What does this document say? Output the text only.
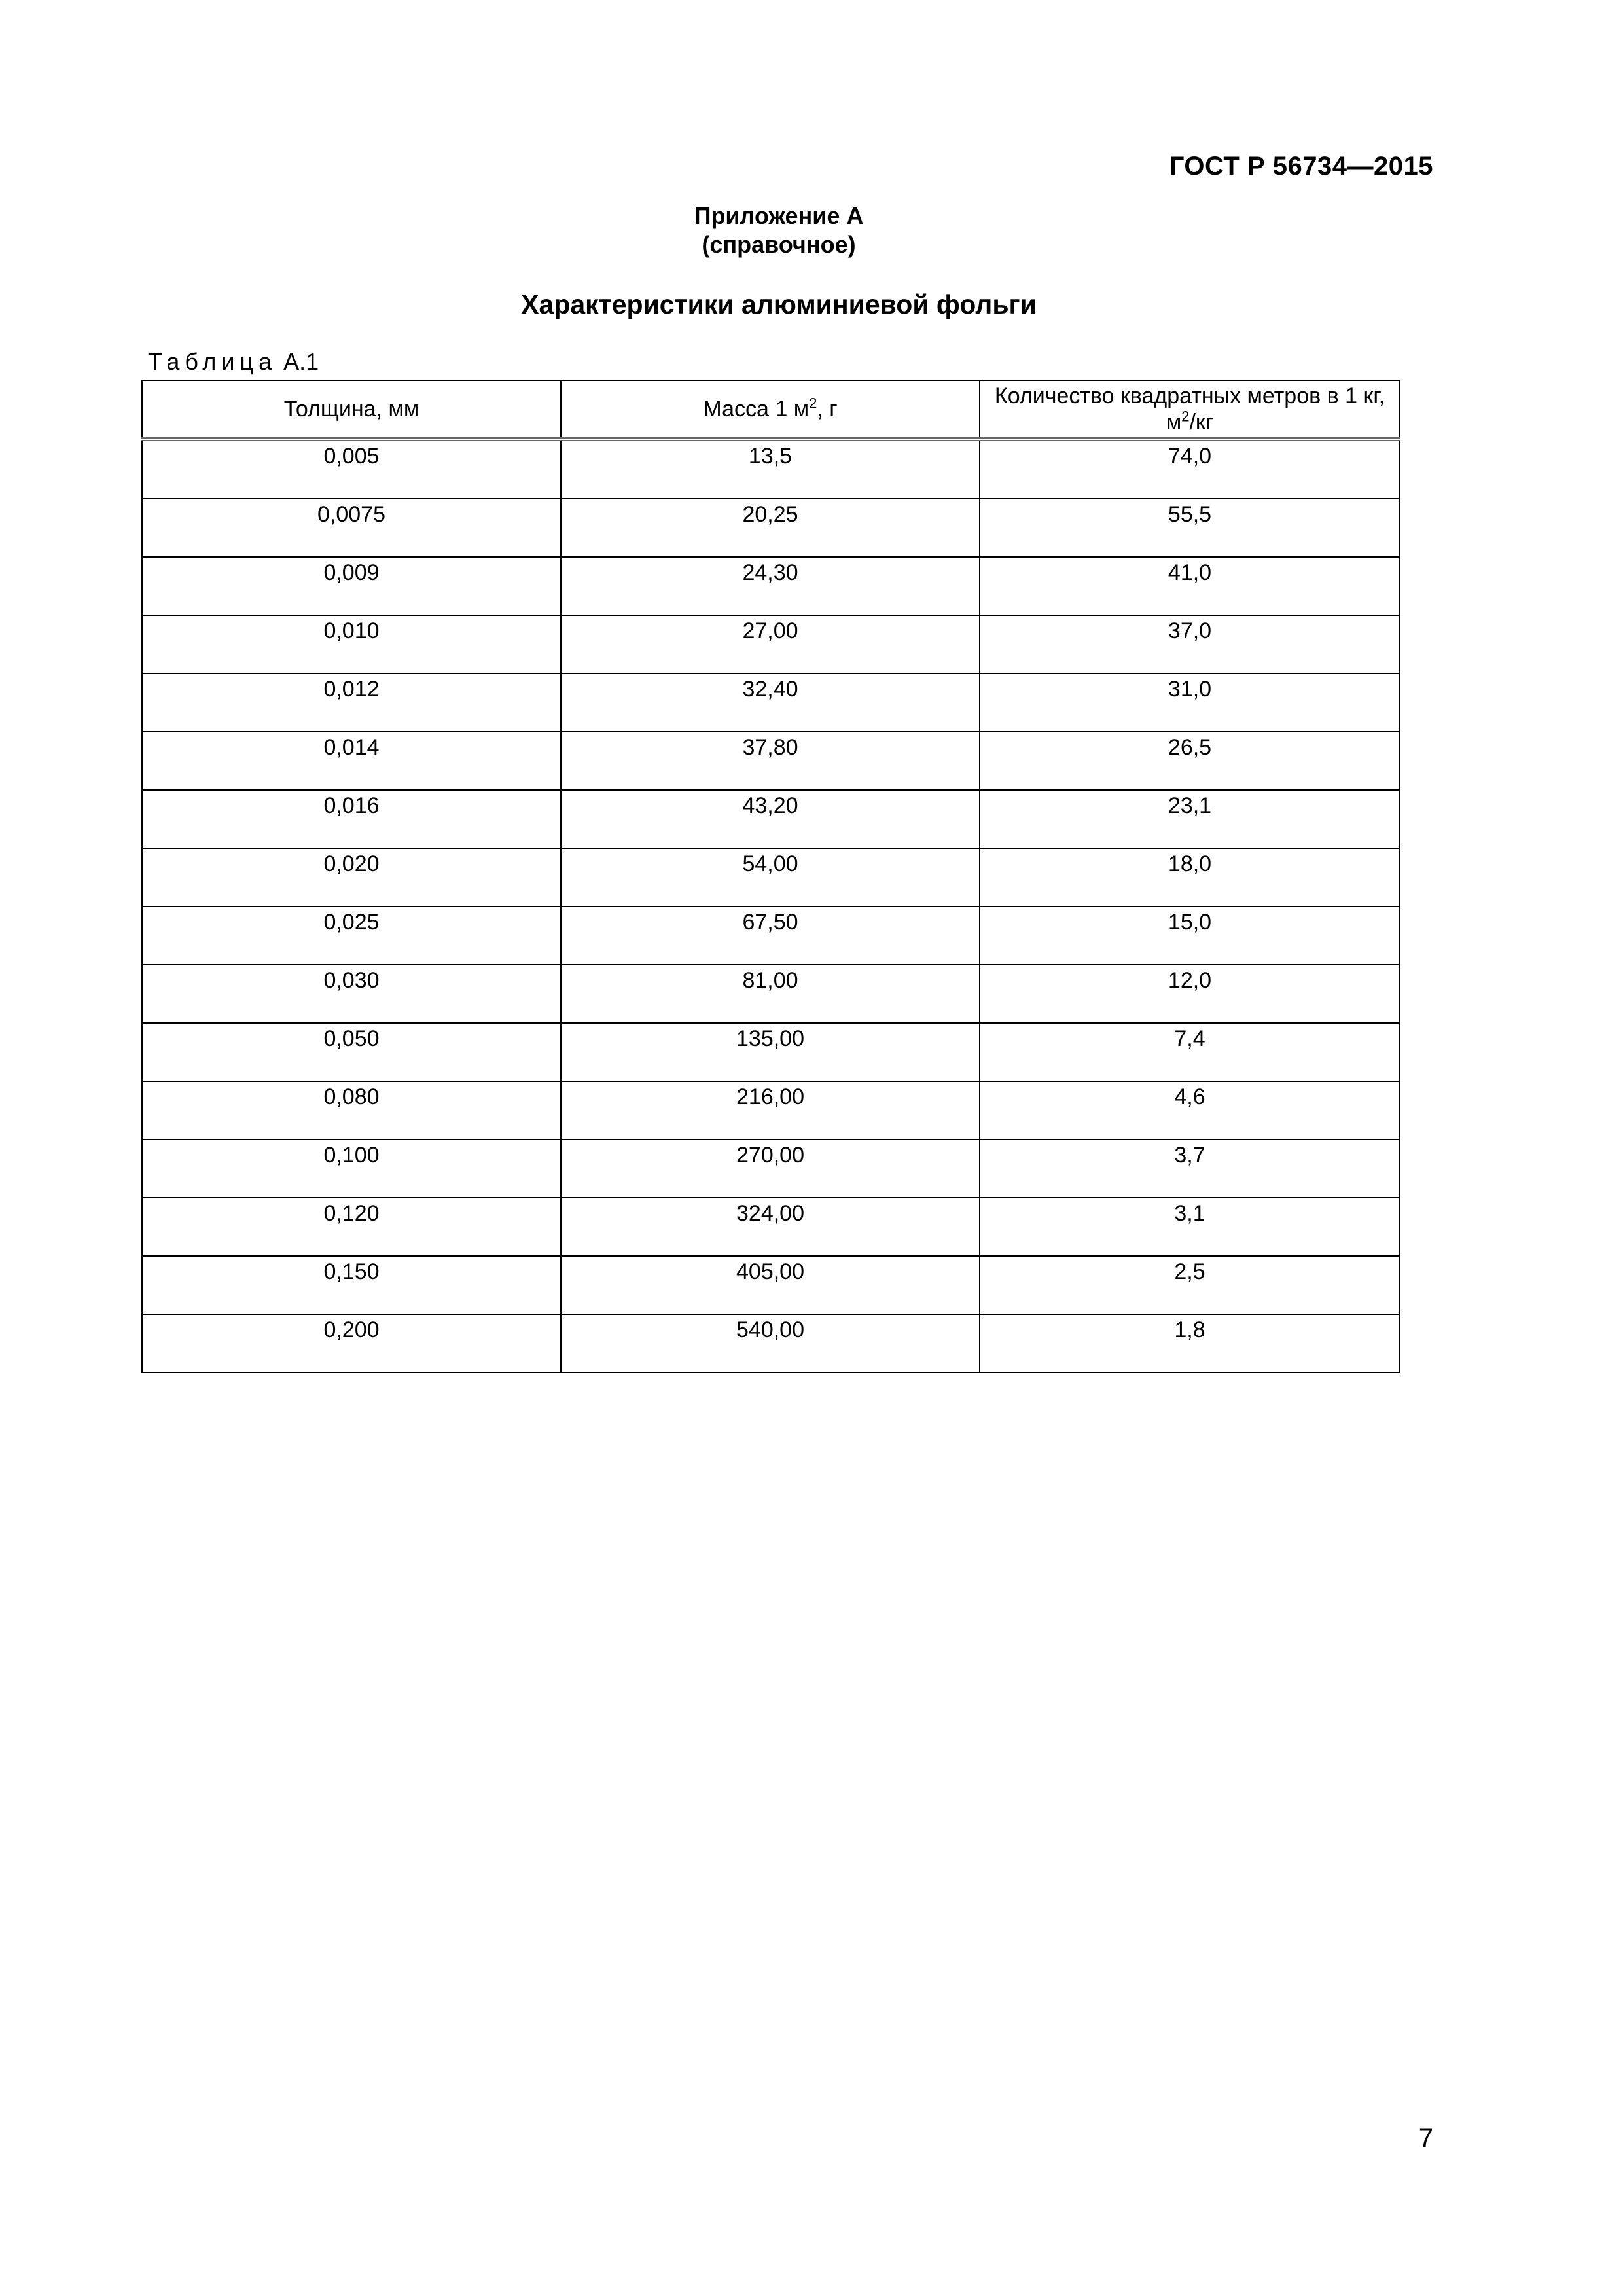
ГОСТ Р 56734—2015
Приложение А
(справочное)
Характеристики алюминиевой фольги
Таблица А.1
Толщина, мм	Масса 1 $м^2$, г	Количество квадратных метров в 1 кг,
$м^2/кг$
0,005	13,5	74,0
0,0075	20,25	55,5
0,009	24,30	41,0
0,010	27,00	37,0
0,012	32,40	31,0
0,014	37,80	26,5
0,016	43,20	23,1
0,020	54,00	18,0
0,025	67,50	15,0
0,030	81,00	12,0
0,050	135,00	7,4
0,080	216,00	4,6
0,100	270,00	3,7
0,120	324,00	3,1
0,150	405,00	2,5
0,200	540,00	1,8
7
